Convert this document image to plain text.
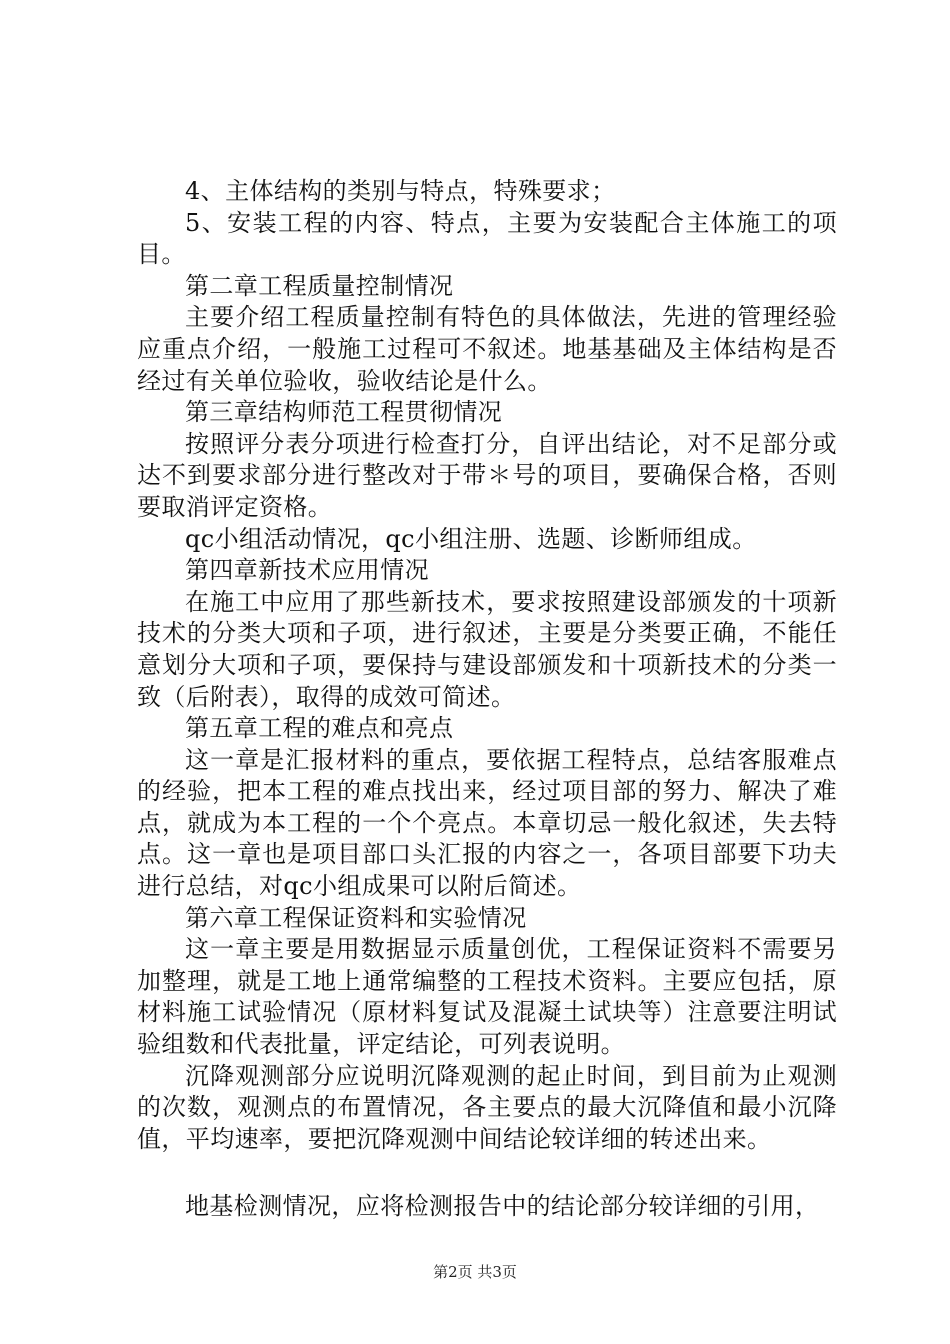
4、主体结构的类别与特点，特殊要求；

5、安装工程的内容、特点，主要为安装配合主体施工的项目。

第二章工程质量控制情况

主要介绍工程质量控制有特色的具体做法，先进的管理经验应重点介绍，一般施工过程可不叙述。地基基础及主体结构是否经过有关单位验收，验收结论是什么。

第三章结构师范工程贯彻情况

按照评分表分项进行检查打分，自评出结论，对不足部分或达不到要求部分进行整改对于带＊号的项目，要确保合格，否则要取消评定资格。

qc小组活动情况，qc小组注册、选题、诊断师组成。

第四章新技术应用情况

在施工中应用了那些新技术，要求按照建设部颁发的十项新技术的分类大项和子项，进行叙述，主要是分类要正确，不能任意划分大项和子项，要保持与建设部颁发和十项新技术的分类一致（后附表），取得的成效可简述。

第五章工程的难点和亮点

这一章是汇报材料的重点，要依据工程特点，总结客服难点的经验，把本工程的难点找出来，经过项目部的努力、解决了难点，就成为本工程的一个个亮点。本章切忌一般化叙述，失去特点。这一章也是项目部口头汇报的内容之一，各项目部要下功夫进行总结，对qc小组成果可以附后简述。

第六章工程保证资料和实验情况

这一章主要是用数据显示质量创优，工程保证资料不需要另加整理，就是工地上通常编整的工程技术资料。主要应包括，原材料施工试验情况（原材料复试及混凝土试块等）注意要注明试验组数和代表批量，评定结论，可列表说明。

沉降观测部分应说明沉降观测的起止时间，到目前为止观测的次数，观测点的布置情况，各主要点的最大沉降值和最小沉降值，平均速率，要把沉降观测中间结论较详细的转述出来。

地基检测情况，应将检测报告中的结论部分较详细的引用，

第2页 共3页
